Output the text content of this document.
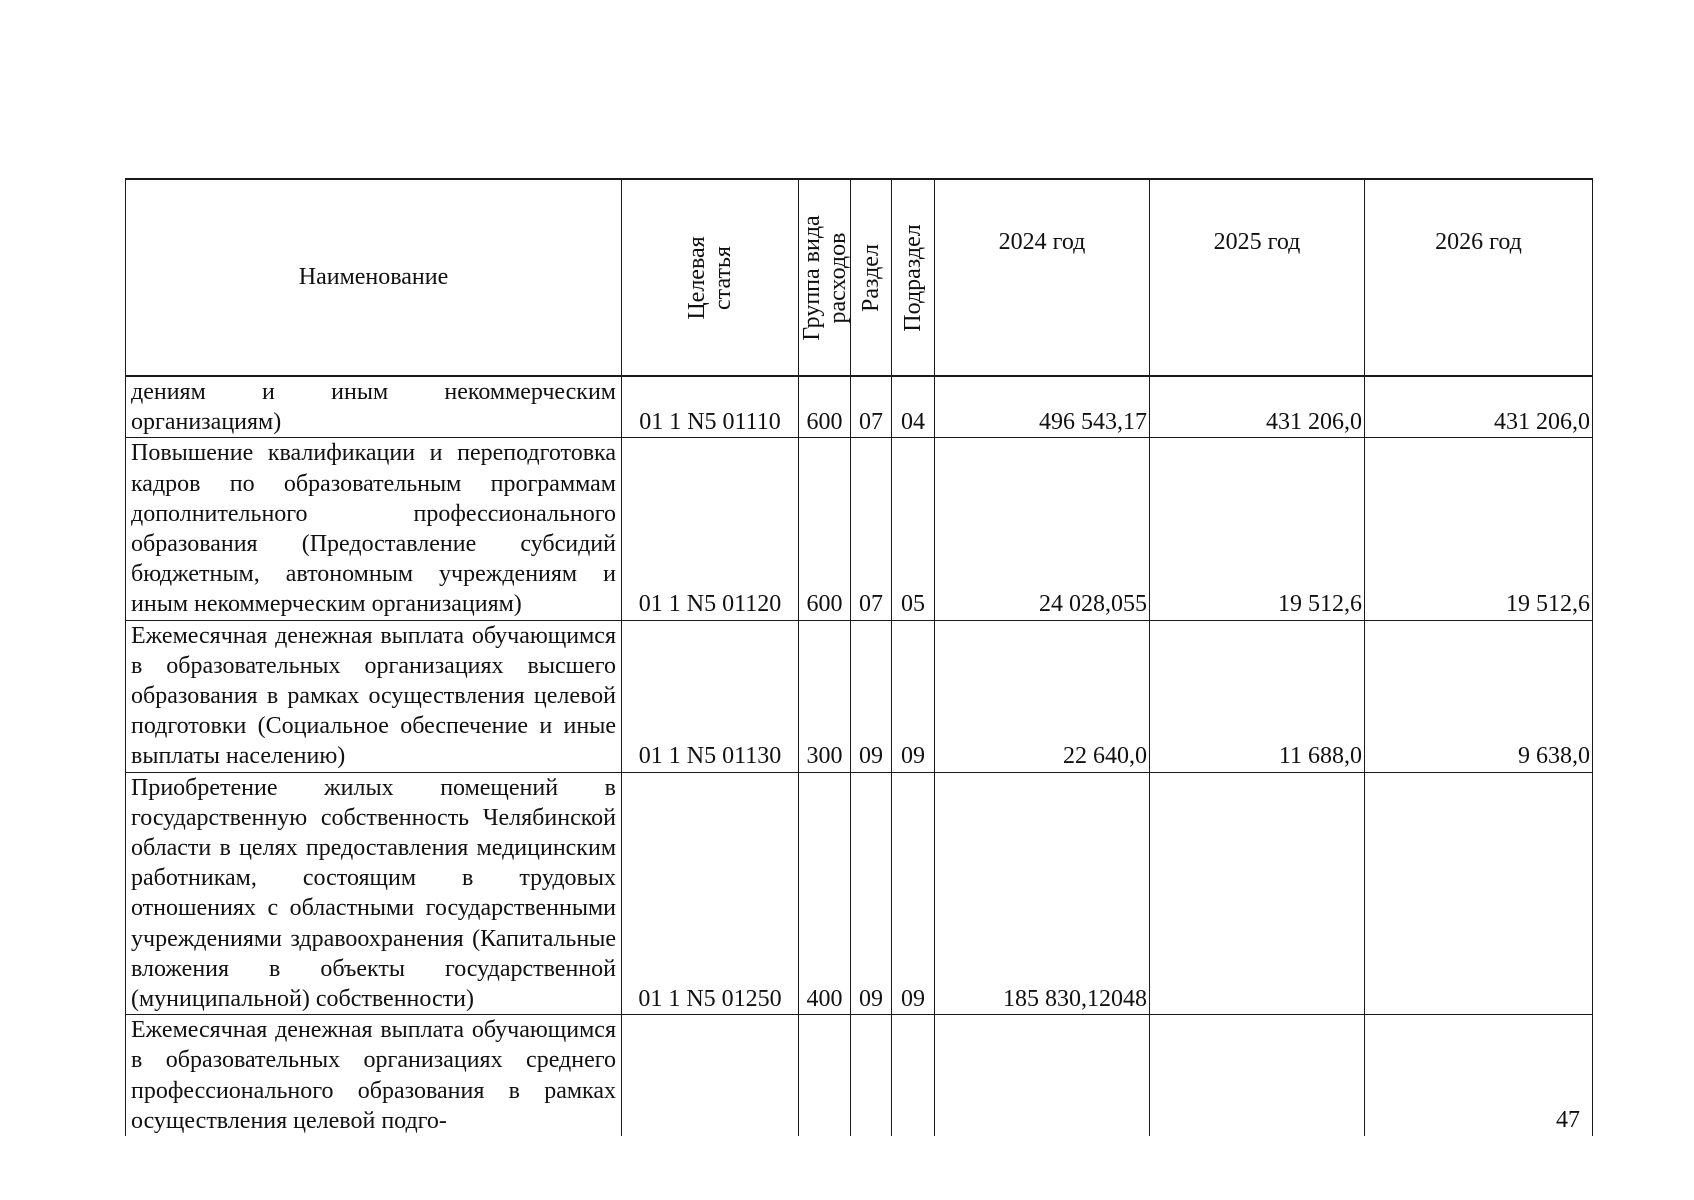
Наименование	Целевая статья	Группа вида расходов	Раздел	Подраздел	2024 год	2025 год	2026 год
дениям и иным некоммерческим организациям)	01 1 N5 01110	600	07	04	496 543,17	431 206,0	431 206,0
Повышение квалификации и переподготовка кадров по образовательным программам дополнительного профессионального образования (Предоставление субсидий бюджетным, автономным учреждениям и иным некоммерческим организациям)	01 1 N5 01120	600	07	05	24 028,055	19 512,6	19 512,6
Ежемесячная денежная выплата обучающимся в образовательных организациях высшего образования в рамках осуществления целевой подготовки (Социальное обеспечение и иные выплаты населению)	01 1 N5 01130	300	09	09	22 640,0	11 688,0	9 638,0
Приобретение жилых помещений в государственную собственность Челябинской области в целях предоставления медицинским работникам, состоящим в трудовых отношениях с областными государственными учреждениями здравоохранения (Капитальные вложения в объекты государственной (муниципальной) собственности)	01 1 N5 01250	400	09	09	185 830,12048		
Ежемесячная денежная выплата обучающимся в образовательных организациях среднего профессионального образования в рамках осуществления целевой подго-								47
